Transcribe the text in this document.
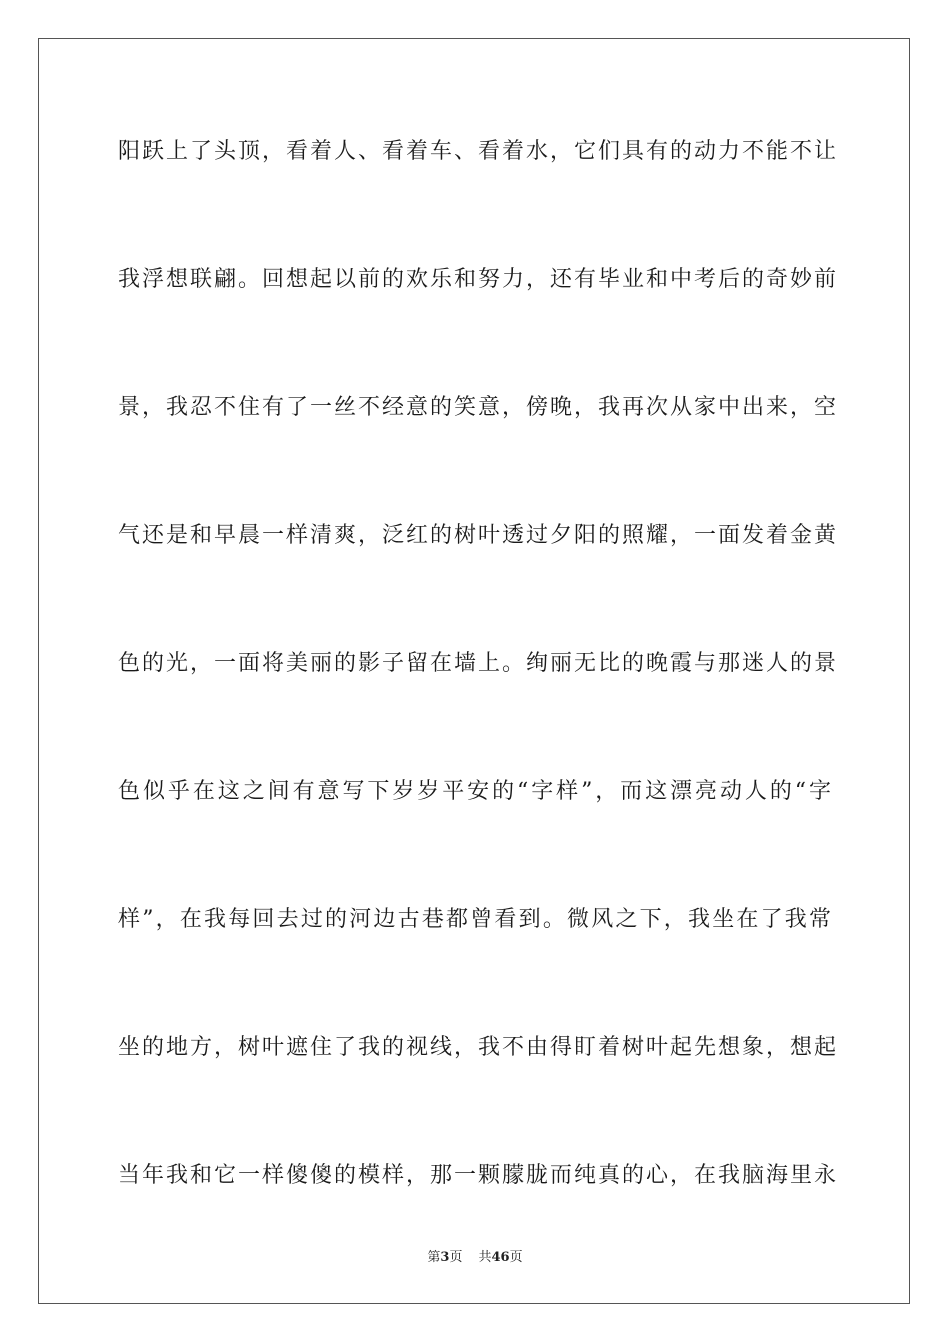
阳跃上了头顶，看着人、看着车、看着水，它们具有的动力不能不让
我浮想联翩。回想起以前的欢乐和努力，还有毕业和中考后的奇妙前
景，我忍不住有了一丝不经意的笑意，傍晚，我再次从家中出来，空
气还是和早晨一样清爽，泛红的树叶透过夕阳的照耀，一面发着金黄
色的光，一面将美丽的影子留在墙上。绚丽无比的晚霞与那迷人的景
色似乎在这之间有意写下岁岁平安的“字样”，而这漂亮动人的“字
样”，在我每回去过的河边古巷都曾看到。微风之下，我坐在了我常
坐的地方，树叶遮住了我的视线，我不由得盯着树叶起先想象，想起
当年我和它一样傻傻的模样，那一颗朦胧而纯真的心，在我脑海里永
第3页 共46页
